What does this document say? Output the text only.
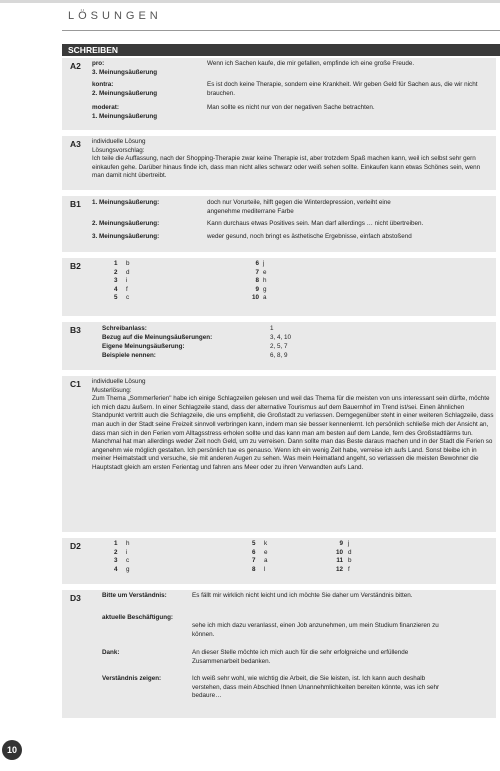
LÖSUNGEN
SCHREIBEN
A2 pro:
3. Meinungsäußerung
Wenn ich Sachen kaufe, die mir gefallen, empfinde ich eine große Freude.
kontra:
2. Meinungsäußerung
Es ist doch keine Therapie, sondern eine Krankheit. Wir geben Geld für Sachen aus, die wir nicht brauchen.
moderat:
1. Meinungsäußerung
Man sollte es nicht nur von der negativen Sache betrachten.
A3 individuelle Lösung
Lösungsvorschlag:
Ich teile die Auffassung, nach der Shopping-Therapie zwar keine Therapie ist, aber trotzdem Spaß machen kann, weil ich selbst sehr gern einkaufen gehe. Darüber hinaus finde ich, dass man nicht alles schwarz oder weiß sehen sollte. Einkaufen kann etwas Schönes sein, wenn man damit nicht übertreibt.
B1 1. Meinungsäußerung:	doch nur Vorurteile, hilft gegen die Winterdepression, verleiht eine angenehme mediterrane Farbe
2. Meinungsäußerung:	Kann durchaus etwas Positives sein. Man darf allerdings … nicht übertreiben.
3. Meinungsäußerung:	weder gesund, noch bringt es ästhetische Ergebnisse, einfach abstoßend
B2	1 b
2 d
3 i
4 f
5 c
6 j
7 e
8 h
9 g
10 a
B3	Schreibanlass:	1
Bezug auf die Meinungsäußerungen:	3, 4, 10
Eigene Meinungsäußerung:	2, 5, 7
Beispiele nennen:	6, 8, 9
C1 individuelle Lösung
Musterlösung:
Zum Thema „Sommerferien" habe ich einige Schlagzeilen gelesen und weil das Thema für die meisten von uns interessant sein dürfte, möchte ich mich dazu äußern. In einer Schlagzeile stand, dass der alternative Tourismus auf dem Bauernhof im Trend ist/sei. Einen ähnlichen Standpunkt vertritt auch die Schlagzeile, die uns empfiehlt, die Großstadt zu verlassen. Demgegenüber steht in einer weiteren Schlagzeile, dass man auch in der Stadt seine Freizeit sinnvoll verbringen kann, indem man sie besser kennenlernt. Ich persönlich schließe mich der Ansicht an, dass man sich in den Ferien vom Alltagsstress erholen sollte und das kann man am besten auf dem Lande, fern des Großstadtlärms tun. Manchmal hat man allerdings weder Zeit noch Geld, um zu verreisen. Dann sollte man das Beste daraus machen und in der Stadt die Ferien so angenehm wie möglich gestalten. Ich persönlich tue es genauso. Wenn ich ein wenig Zeit habe, verreise ich aufs Land. Sonst bleibe ich in meiner Heimatstadt und versuche, sie mit anderen Augen zu sehen. Was mein Heimatland angeht, so verlassen die meisten Bewohner die Hauptstadt gleich am ersten Ferientag und fahren ans Meer oder zu ihren Verwandten aufs Land.
D2	1 h
2 i
3 c
4 g
5 k
6 e
7 a
8 l
9 j
10 d
11 b
12 f
D3	Bitte um Verständnis:	Es fällt mir wirklich nicht leicht und ich möchte Sie daher um Verständnis bitten.
aktuelle Beschäftigung:
sehe ich mich dazu veranlasst, einen Job anzunehmen, um mein Studium finanzieren zu können.
Dank:	An dieser Stelle möchte ich mich auch für die sehr erfolgreiche und erfüllende Zusammenarbeit bedanken.
Verständnis zeigen:	Ich weiß sehr wohl, wie wichtig die Arbeit, die Sie leisten, ist. Ich kann auch deshalb verstehen, dass mein Abschied Ihnen Unannehmlichkeiten bereiten könnte, was ich sehr bedaure…
10
